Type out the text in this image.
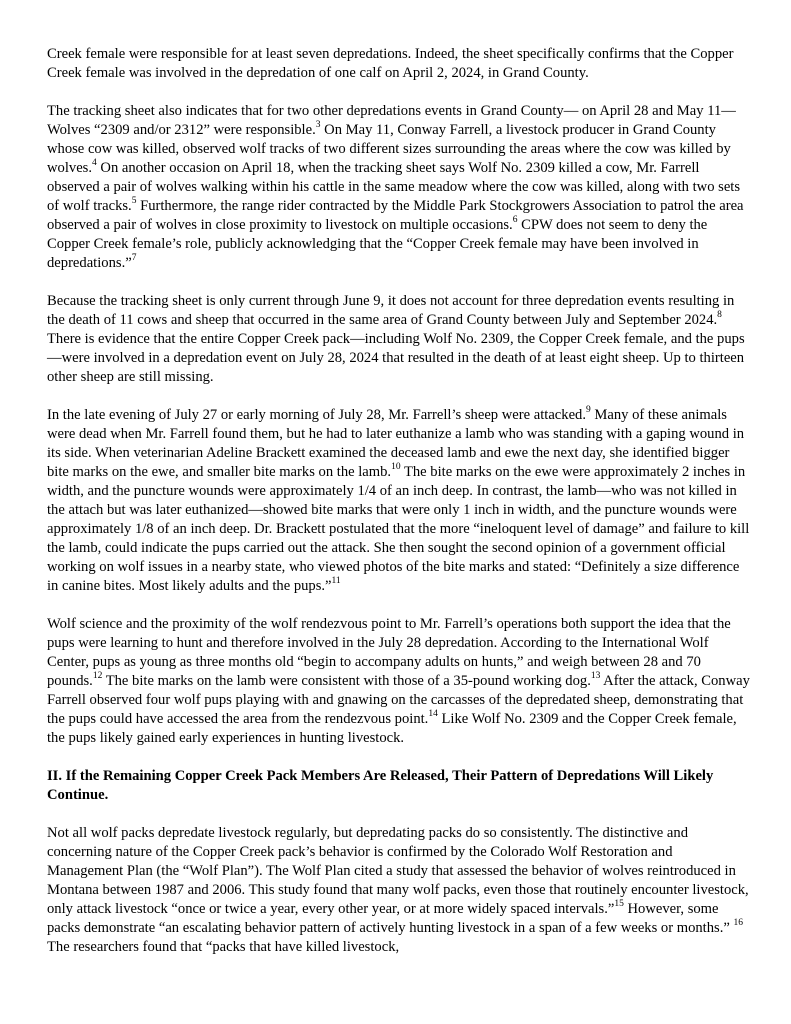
Creek female were responsible for at least seven depredations. Indeed, the sheet specifically confirms that the Copper Creek female was involved in the depredation of one calf on April 2, 2024, in Grand County.

The tracking sheet also indicates that for two other depredations events in Grand County— on April 28 and May 11—Wolves “2309 and/or 2312” were responsible.$^3$ On May 11, Conway Farrell, a livestock producer in Grand County whose cow was killed, observed wolf tracks of two different sizes surrounding the areas where the cow was killed by wolves.$^4$ On another occasion on April 18, when the tracking sheet says Wolf No. 2309 killed a cow, Mr. Farrell observed a pair of wolves walking within his cattle in the same meadow where the cow was killed, along with two sets of wolf tracks.$^5$ Furthermore, the range rider contracted by the Middle Park Stockgrowers Association to patrol the area observed a pair of wolves in close proximity to livestock on multiple occasions.$^6$ CPW does not seem to deny the Copper Creek female’s role, publicly acknowledging that the “Copper Creek female may have been involved in depredations.”$^7$

Because the tracking sheet is only current through June 9, it does not account for three depredation events resulting in the death of 11 cows and sheep that occurred in the same area of Grand County between July and September 2024.$^8$ There is evidence that the entire Copper Creek pack—including Wolf No. 2309, the Copper Creek female, and the pups—were involved in a depredation event on July 28, 2024 that resulted in the death of at least eight sheep. Up to thirteen other sheep are still missing.

In the late evening of July 27 or early morning of July 28, Mr. Farrell’s sheep were attacked.$^9$ Many of these animals were dead when Mr. Farrell found them, but he had to later euthanize a lamb who was standing with a gaping wound in its side. When veterinarian Adeline Brackett examined the deceased lamb and ewe the next day, she identified bigger bite marks on the ewe, and smaller bite marks on the lamb.$^{10}$ The bite marks on the ewe were approximately 2 inches in width, and the puncture wounds were approximately 1/4 of an inch deep. In contrast, the lamb—who was not killed in the attach but was later euthanized—showed bite marks that were only 1 inch in width, and the puncture wounds were approximately 1/8 of an inch deep. Dr. Brackett postulated that the more “ineloquent level of damage” and failure to kill the lamb, could indicate the pups carried out the attack. She then sought the second opinion of a government official working on wolf issues in a nearby state, who viewed photos of the bite marks and stated: “Definitely a size difference in canine bites. Most likely adults and the pups.”$^{11}$

Wolf science and the proximity of the wolf rendezvous point to Mr. Farrell’s operations both support the idea that the pups were learning to hunt and therefore involved in the July 28 depredation. According to the International Wolf Center, pups as young as three months old “begin to accompany adults on hunts,” and weigh between 28 and 70 pounds.$^{12}$ The bite marks on the lamb were consistent with those of a 35-pound working dog.$^{13}$ After the attack, Conway Farrell observed four wolf pups playing with and gnawing on the carcasses of the depredated sheep, demonstrating that the pups could have accessed the area from the rendezvous point.$^{14}$ Like Wolf No. 2309 and the Copper Creek female, the pups likely gained early experiences in hunting livestock.

II. If the Remaining Copper Creek Pack Members Are Released, Their Pattern of Depredations Will Likely Continue.

Not all wolf packs depredate livestock regularly, but depredating packs do so consistently. The distinctive and concerning nature of the Copper Creek pack’s behavior is confirmed by the Colorado Wolf Restoration and Management Plan (the “Wolf Plan”). The Wolf Plan cited a study that assessed the behavior of wolves reintroduced in Montana between 1987 and 2006. This study found that many wolf packs, even those that routinely encounter livestock, only attack livestock “once or twice a year, every other year, or at more widely spaced intervals.”$^{15}$ However, some packs demonstrate “an escalating behavior pattern of actively hunting livestock in a span of a few weeks or months.” $^{16}$ The researchers found that “packs that have killed livestock,
